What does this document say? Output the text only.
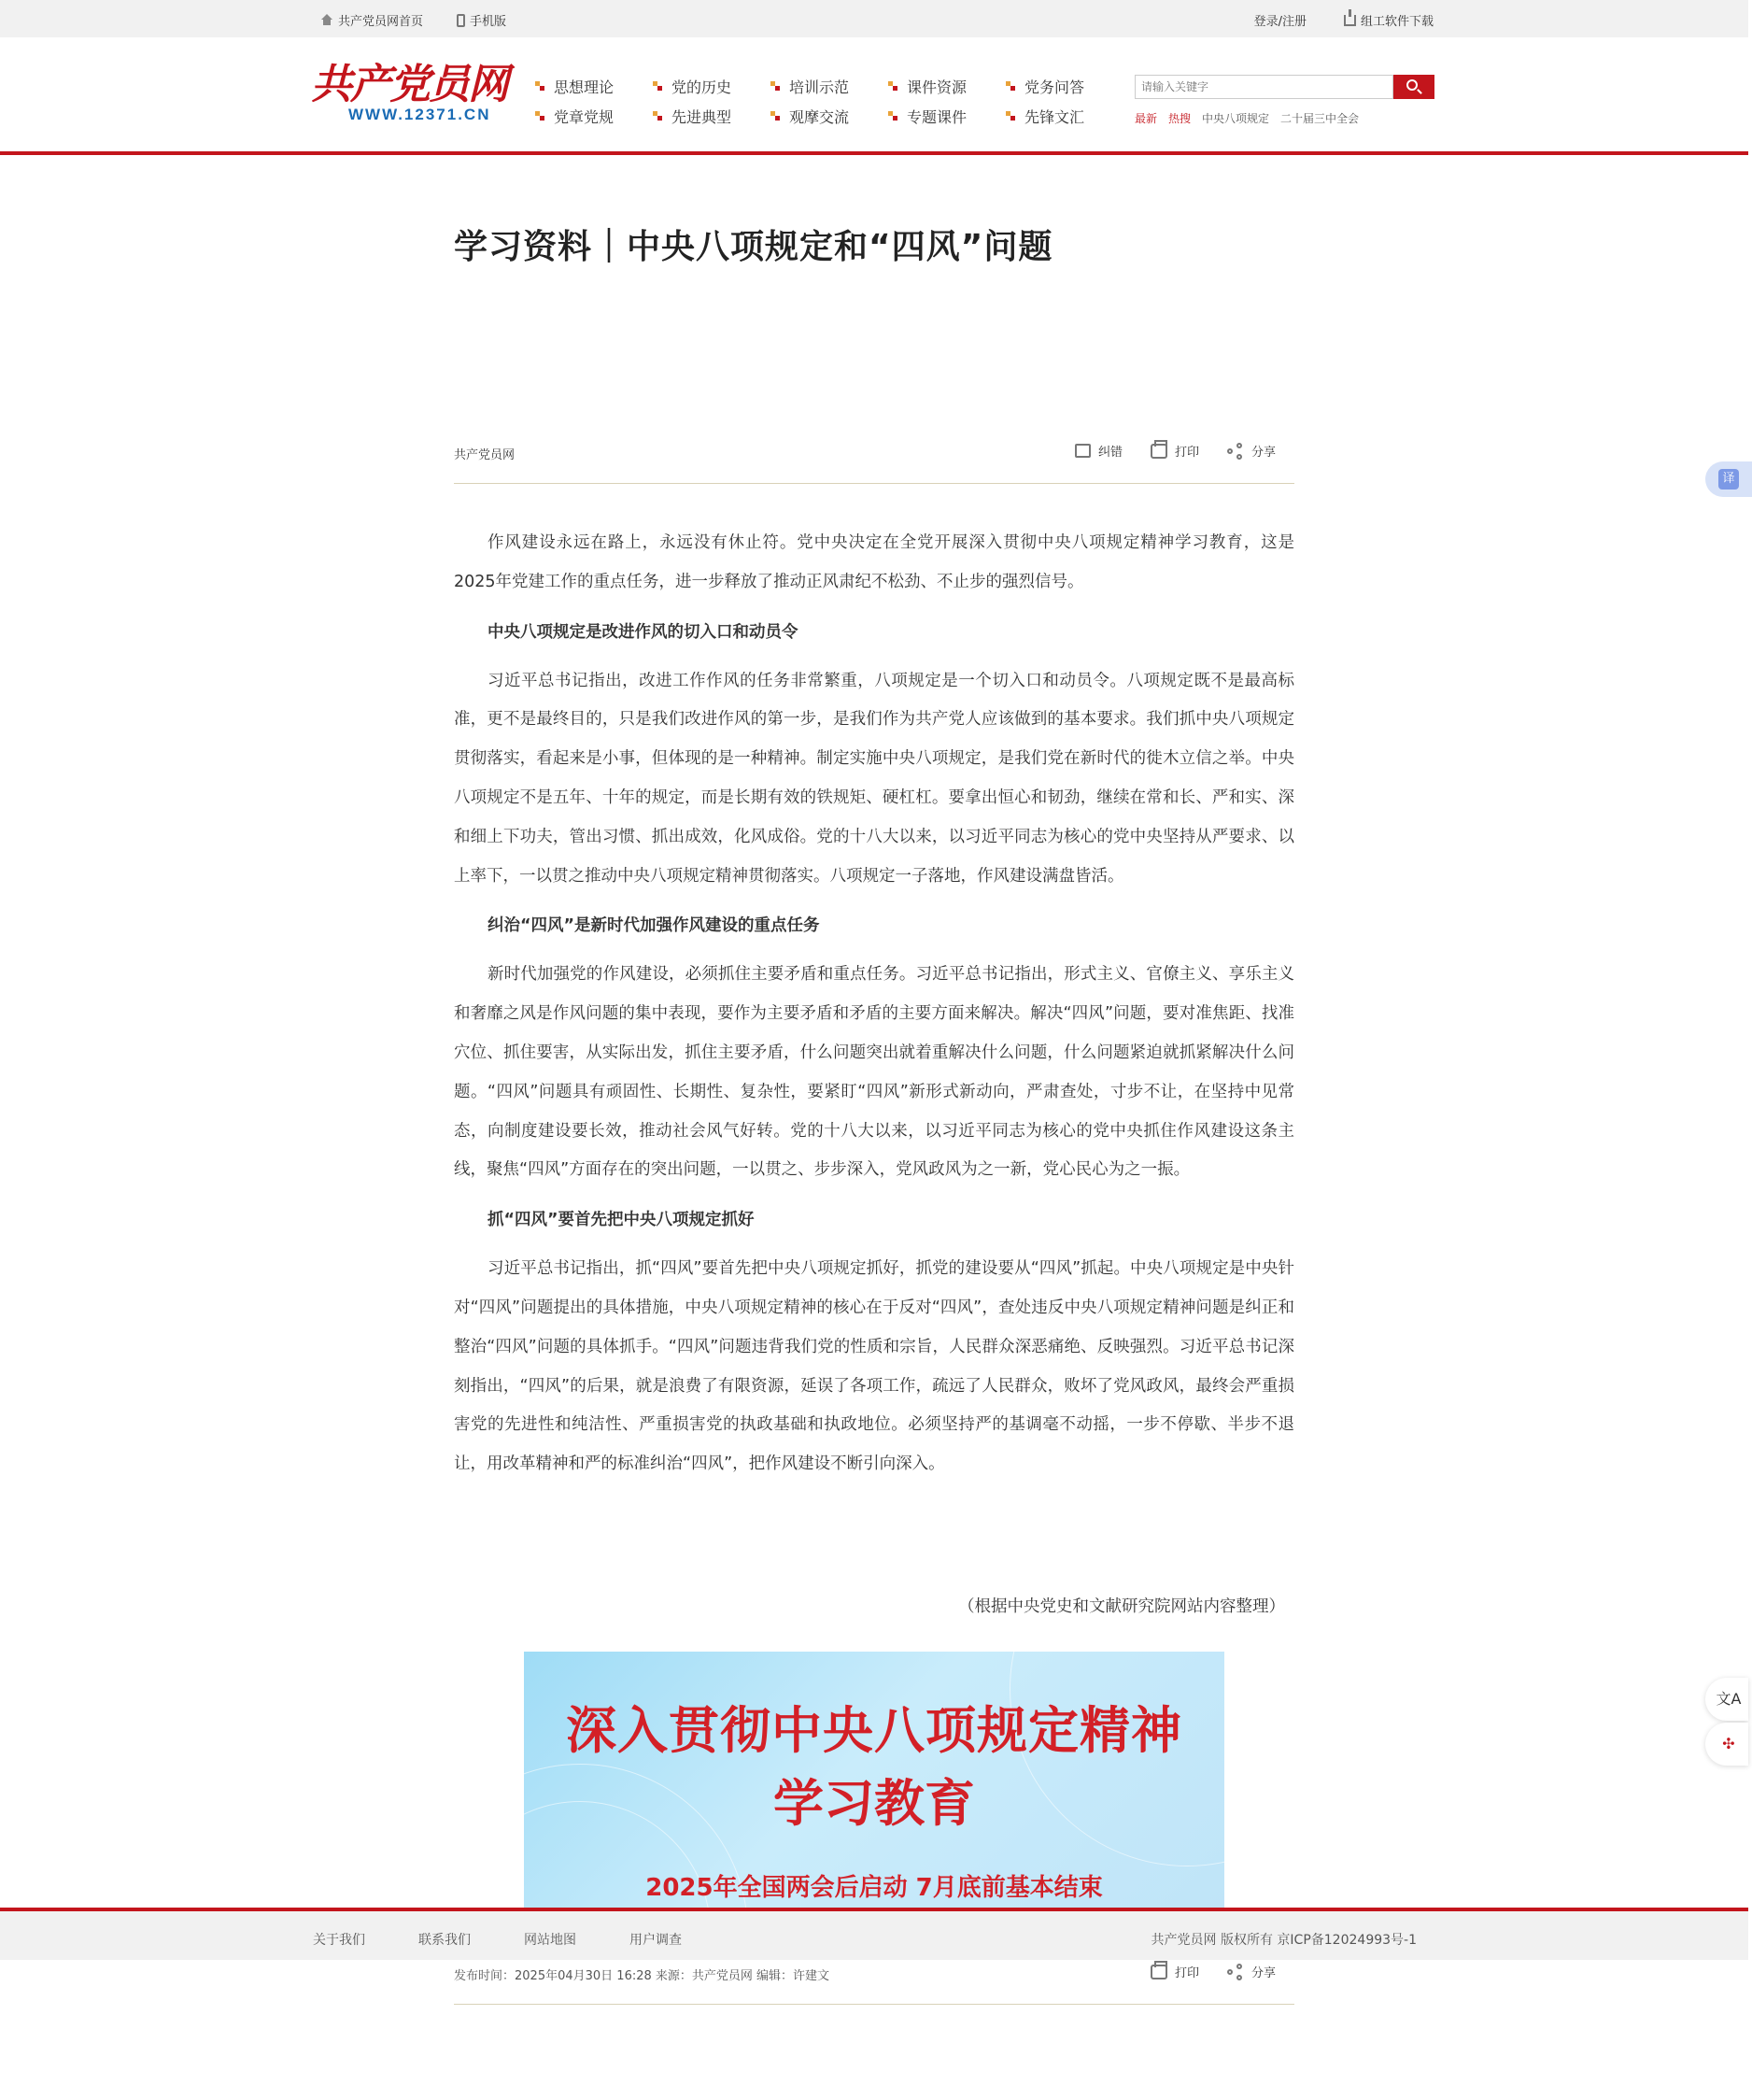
共产党员网首页	手机版	登录/注册	组工软件下载
共产党员网
WWW.12371.CN
思想理论	党的历史	培训示范	课件资源	党务问答
党章党规	先进典型	观摩交流	专题课件	先锋文汇
请输入关键字	最新 热搜 中央八项规定 二十届三中全会
学习资料｜中央八项规定和“四风”问题
共产党员网	纠错	打印	分享

作风建设永远在路上，永远没有休止符。党中央决定在全党开展深入贯彻中央八项规定精神学习教育，这是2025年党建工作的重点任务，进一步释放了推动正风肃纪不松劲、不止步的强烈信号。

中央八项规定是改进作风的切入口和动员令

习近平总书记指出，改进工作作风的任务非常繁重，八项规定是一个切入口和动员令。八项规定既不是最高标准，更不是最终目的，只是我们改进作风的第一步，是我们作为共产党人应该做到的基本要求。我们抓中央八项规定贯彻落实，看起来是小事，但体现的是一种精神。制定实施中央八项规定，是我们党在新时代的徙木立信之举。中央八项规定不是五年、十年的规定，而是长期有效的铁规矩、硬杠杠。要拿出恒心和韧劲，继续在常和长、严和实、深和细上下功夫，管出习惯、抓出成效，化风成俗。党的十八大以来，以习近平同志为核心的党中央坚持从严要求、以上率下，一以贯之推动中央八项规定精神贯彻落实。八项规定一子落地，作风建设满盘皆活。

纠治“四风”是新时代加强作风建设的重点任务

新时代加强党的作风建设，必须抓住主要矛盾和重点任务。习近平总书记指出，形式主义、官僚主义、享乐主义和奢靡之风是作风问题的集中表现，要作为主要矛盾和矛盾的主要方面来解决。解决“四风”问题，要对准焦距、找准穴位、抓住要害，从实际出发，抓住主要矛盾，什么问题突出就着重解决什么问题，什么问题紧迫就抓紧解决什么问题。“四风”问题具有顽固性、长期性、复杂性，要紧盯“四风”新形式新动向，严肃查处，寸步不让，在坚持中见常态，向制度建设要长效，推动社会风气好转。党的十八大以来，以习近平同志为核心的党中央抓住作风建设这条主线，聚焦“四风”方面存在的突出问题，一以贯之、步步深入，党风政风为之一新，党心民心为之一振。

抓“四风”要首先把中央八项规定抓好

习近平总书记指出，抓“四风”要首先把中央八项规定抓好，抓党的建设要从“四风”抓起。中央八项规定是中央针对“四风”问题提出的具体措施，中央八项规定精神的核心在于反对“四风”，查处违反中央八项规定精神问题是纠正和整治“四风”问题的具体抓手。“四风”问题违背我们党的性质和宗旨，人民群众深恶痛绝、反映强烈。习近平总书记深刻指出，“四风”的后果，就是浪费了有限资源，延误了各项工作，疏远了人民群众，败坏了党风政风，最终会严重损害党的先进性和纯洁性、严重损害党的执政基础和执政地位。必须坚持严的基调毫不动摇，一步不停歇、半步不退让，用改革精神和严的标准纠治“四风”，把作风建设不断引向深入。

（根据中央党史和文献研究院网站内容整理）
深入贯彻中央八项规定精神
学习教育
2025年全国两会后启动 7月底前基本结束
发布时间：2025年04月30日 16:28 来源：共产党员网 编辑：许建文	打印	分享
译
文A
✣
关于我们	联系我们	网站地图	用户调查	共产党员网 版权所有 京ICP备12024993号-1
